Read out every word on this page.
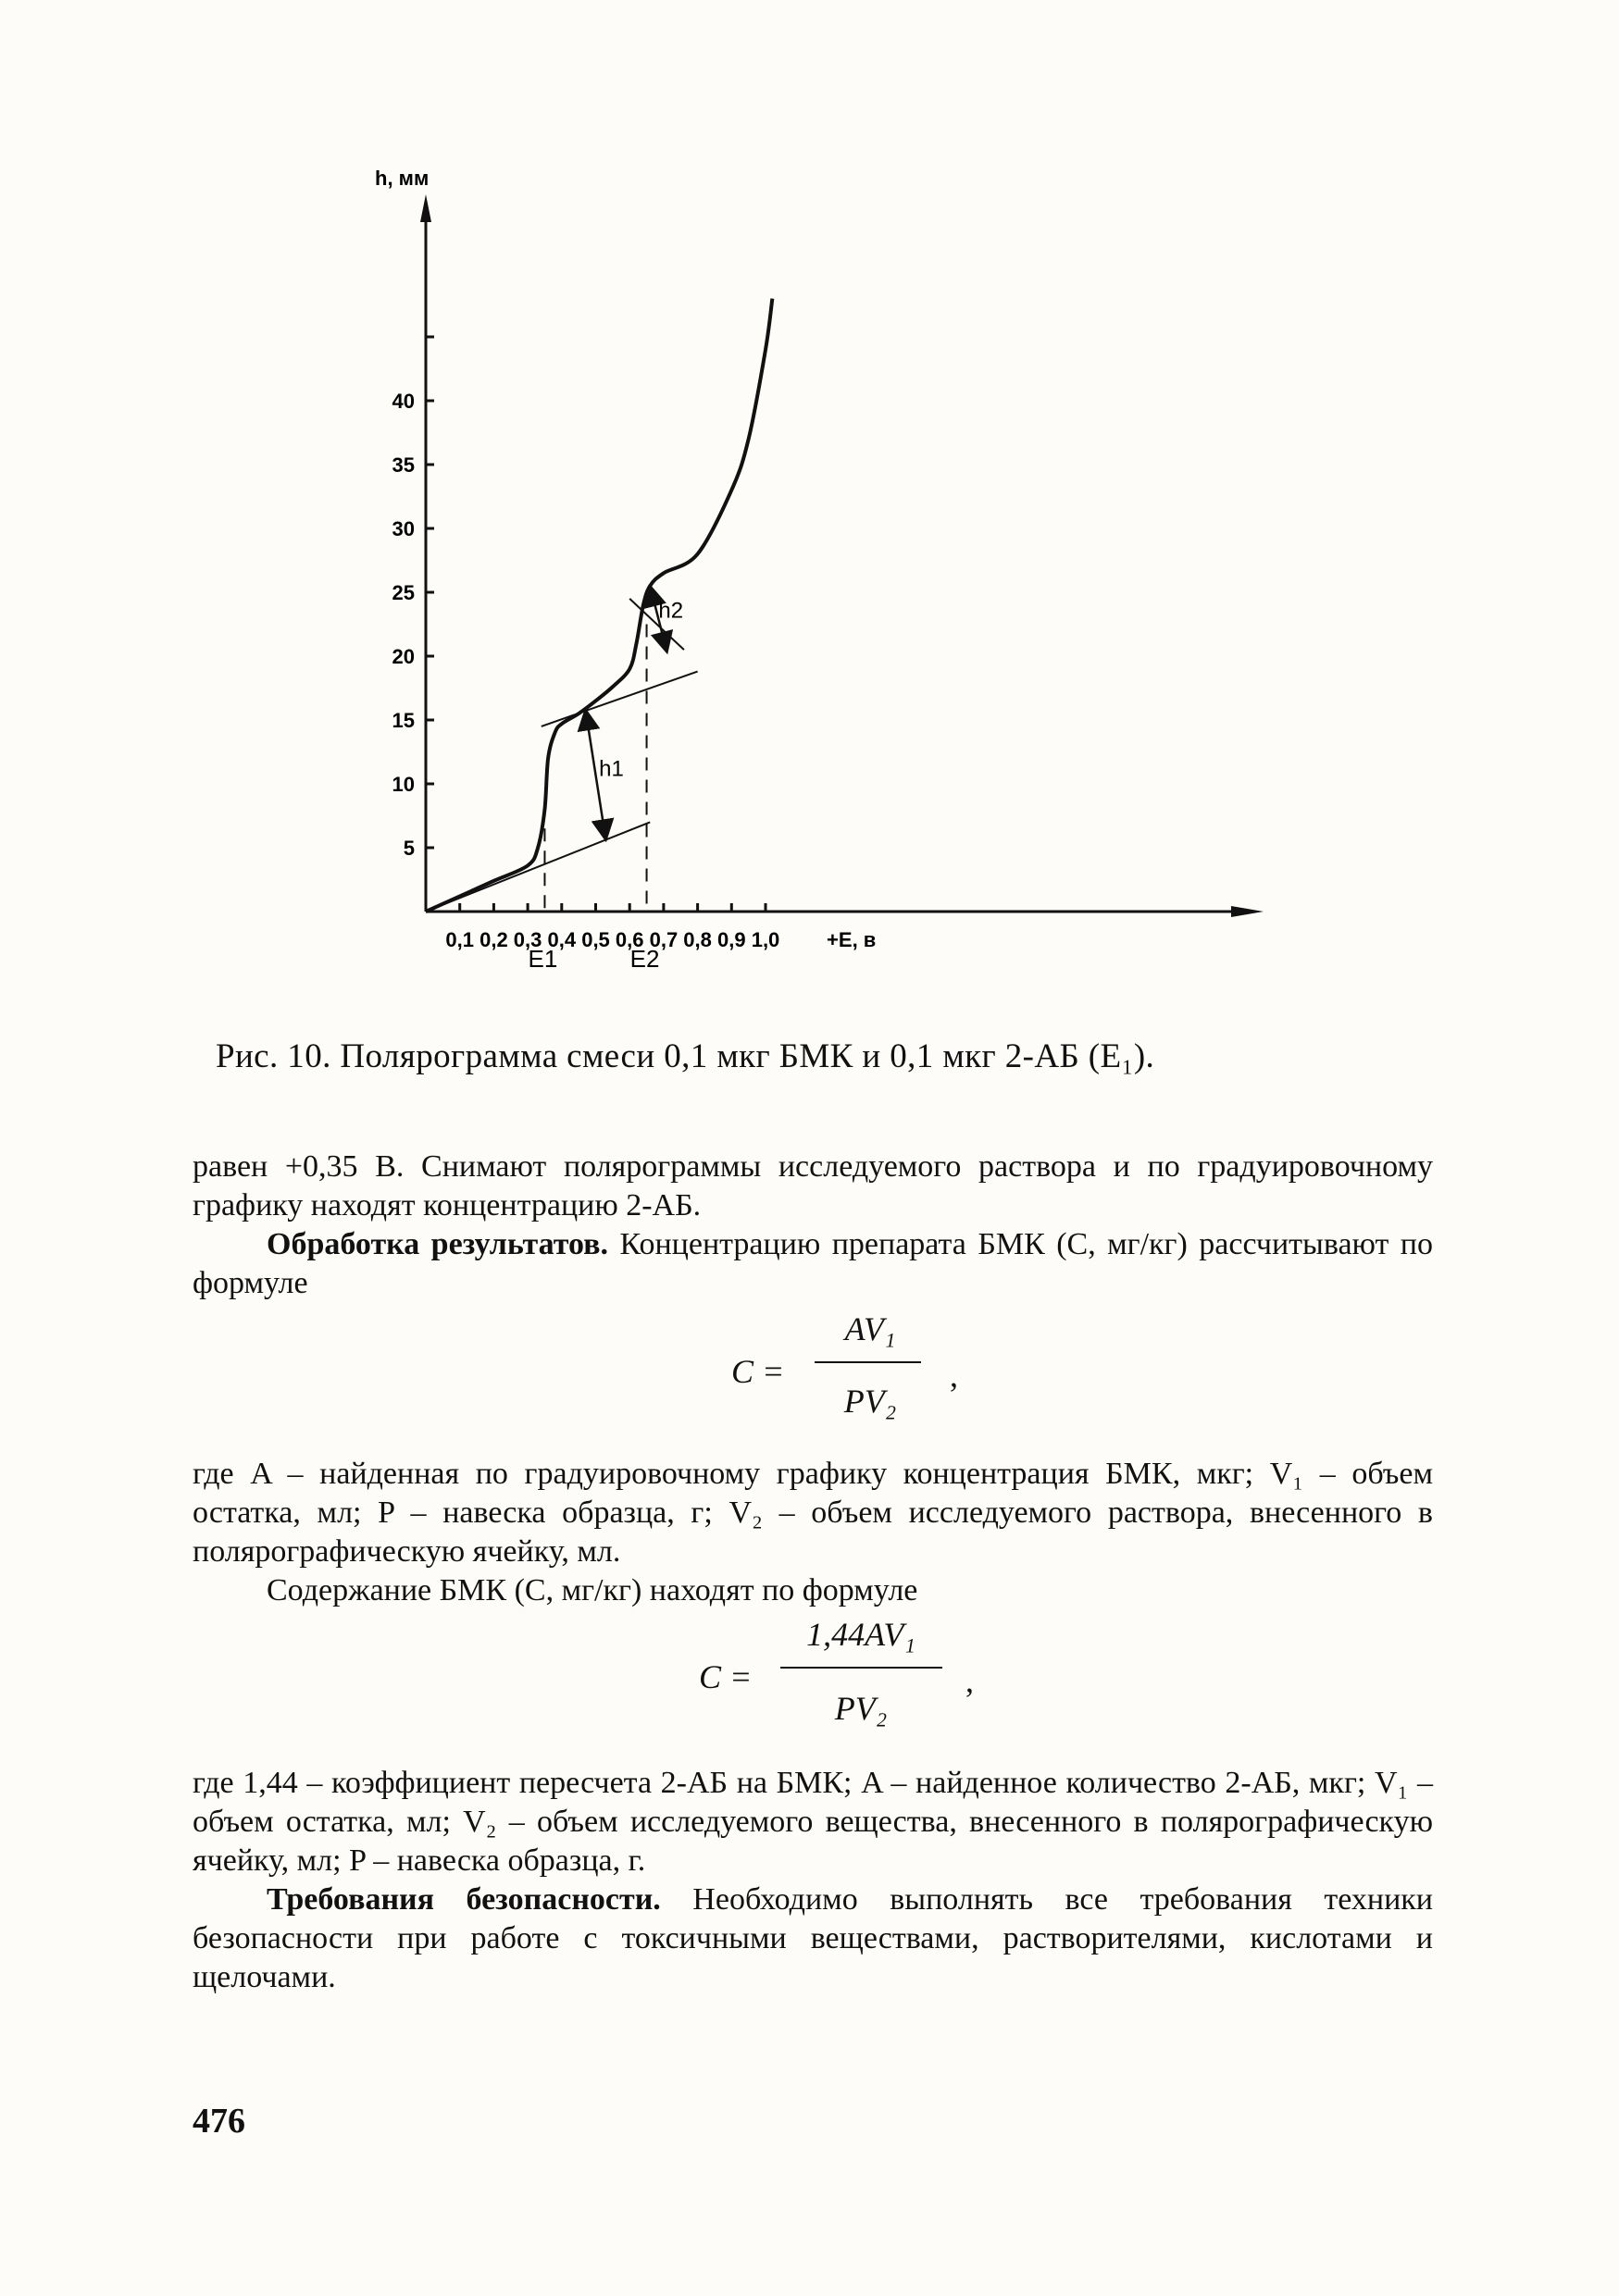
h, мм
+E, в
5
10
15
20
25
30
35
40
0,1 0,2 0,3 0,4 0,5 0,6 0,7 0,8 0,9 1,0
E1	E2
h1
h2
Рис. 10. Полярограмма смеси 0,1 мкг БМК и 0,1 мкг 2-АБ (E₁).

равен +0,35 В. Снимают полярограммы исследуемого раствора и по градуировочному графику находят концентрацию 2-АБ.

Обработка результатов. Концентрацию препарата БМК (C, мг/кг) рассчитывают по формуле

C =
AV₁
PV₂
,

где A – найденная по градуировочному графику концентрация БМК, мкг; V₁ – объем остатка, мл; P – навеска образца, г; V₂ – объем исследуемого раствора, внесенного в полярографическую ячейку, мл.

Содержание БМК (C, мг/кг) находят по формуле

C =
1,44AV₁
PV₂
,

где 1,44 – коэффициент пересчета 2-АБ на БМК; A – найденное количество 2-АБ, мкг; V₁ – объем остатка, мл; V₂ – объем исследуемого вещества, внесенного в полярографическую ячейку, мл; P – навеска образца, г.

Требования безопасности. Необходимо выполнять все требования техники безопасности при работе с токсичными веществами, растворителями, кислотами и щелочами.

476
